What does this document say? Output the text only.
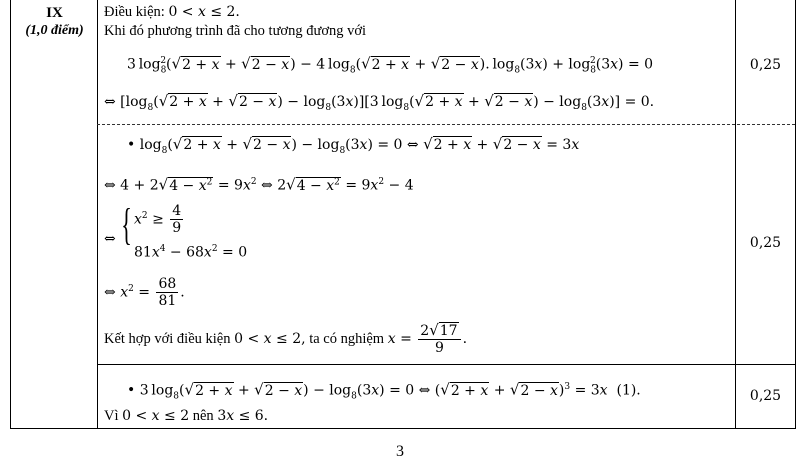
IX
(1,0 điểm)
Điều kiện: 0 < x ≤ 2.
Khi đó phương trình đã cho tương đương với
3 $\log_8^2(√2 + x + √2 - x) - 4$ $\log_8(√2 + x + √2 - x)$. $\log_8(3x) + \log_8^2(3x) = 0$
⇔ $[\log_8(√2 + x + √2 - x) - \log_8(3x)][3$ $\log_8(√2 + x + √2 - x) - \log_8(3x)] = 0$.
0,25
• $\log_8(√2 + x + √2 - x) - \log_8(3x) = 0$ ⇔ √2 + x + √2 − x = 3x
⇔ $4 + 2√4 - x^2 = 9x^2$ ⇔ $2√4 - x^2 = 9x^2 - 4$
⇔ { $x^2 \ge \frac{4}{9}$
$81x^4 - 68x^2 = 0$
⇔ $x^2 = \frac{68}{81}$ .
Kết hợp với điều kiện 0 < x ≤ 2, ta có nghiệm $x = \frac{2√17}{9}$ .
0,25
• 3 $\log_8(√2 + x + √2 - x) - \log_8(3x) = 0$ ⇔ $(√2 + x + √2 - x)^3 = 3x$  (1).
Vì 0 < x ≤ 2 nên 3x ≤ 6.
0,25
3
